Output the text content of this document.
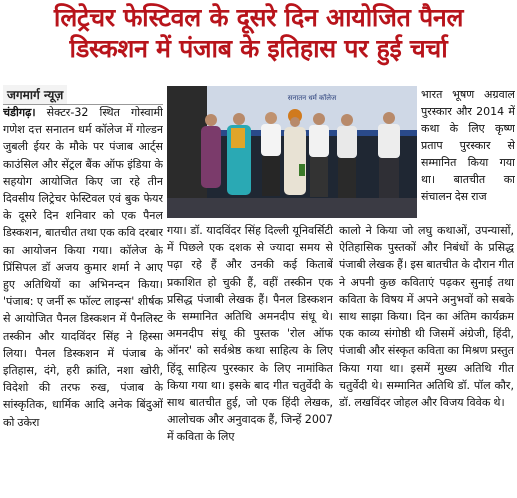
लिट्रेचर फेस्टिवल के दूसरे दिन आयोजित पैनल
डिस्कशन में पंजाब के इतिहास पर हुई चर्चा
जगमार्ग न्यूज़	सनातन धर्म कॉलेज

चंडीगढ़। सेक्टर-32 स्थित गोस्वामी गणेश दत्त सनातन धर्म कॉलेज में गोल्डन जुबली ईयर के मौके पर पंजाब आर्ट्स काउंसिल और सेंट्रल बैंक ऑफ इंडिया के सहयोग आयोजित किए जा रहे तीन दिवसीय लिट्रेचर फेस्टिवल एवं बुक फेयर के दूसरे दिन शनिवार को एक पैनल डिस्कशन, बातचीत तथा एक कवि दरबार का आयोजन किया गया। कॉलेज के प्रिंसिपल डॉ अजय कुमार शर्मा ने आए हुए अतिथियों का अभिनन्दन किया। 'पंजाब: ए जर्नी रू फॉल्ट लाइन्स' शीर्षक से आयोजित पैनल डिस्कशन में पैनलिस्ट तस्कीन और यादविंदर सिंह ने हिस्सा लिया। पैनल डिस्कशन में पंजाब के इतिहास, दंगे, हरी क्रांति, नशा खोरी, विदेशो की तरफ रुख, पंजाब के सांस्कृतिक, धार्मिक आदि अनेक बिंदुओं को उकेरा

भारत भूषण अग्रवाल पुरस्कार और 2014 में कथा के लिए कृष्ण प्रताप पुरस्कार से सम्मानित किया गया था। बातचीत का संचालन देस राज

गया। डॉ. यादविंदर सिंह दिल्ली यूनिवर्सिटी में पिछले एक दशक से ज्यादा समय से पढ़ा रहे हैं और उनकी कई किताबें प्रकाशित हो चुकी हैं, वहीं तस्कीन एक प्रसिद्ध पंजाबी लेखक हैं। पैनल डिस्कशन के सम्मानित अतिथि अमनदीप संधू थे। अमनदीप संधू की पुस्तक 'रोल ऑफ ऑनर' को सर्वश्रेष्ठ कथा साहित्य के लिए हिंदू साहित्य पुरस्कार के लिए नामांकित किया गया था। इसके बाद गीत चतुर्वेदी के साथ बातचीत हुई, जो एक हिंदी लेखक, आलोचक और अनुवादक हैं, जिन्हें 2007 में कविता के लिए

कालो ने किया जो लघु कथाओं, उपन्यासों, ऐतिहासिक पुस्तकों और निबंधों के प्रसिद्ध पंजाबी लेखक हैं। इस बातचीत के दौरान गीत ने अपनी कुछ कविताएं पढ़कर सुनाई तथा कविता के विषय में अपने अनुभवों को सबके साथ साझा किया। दिन का अंतिम कार्यक्रम एक काव्य संगोष्ठी थी जिसमें अंग्रेजी, हिंदी, पंजाबी और संस्कृत कविता का मिश्रण प्रस्तुत किया गया था। इसमें मुख्य अतिथि गीत चतुर्वेदी थे। सम्मानित अतिथि डॉ. पॉल कौर, डॉ. लखविंदर जोहल और विजय विवेक थे।
